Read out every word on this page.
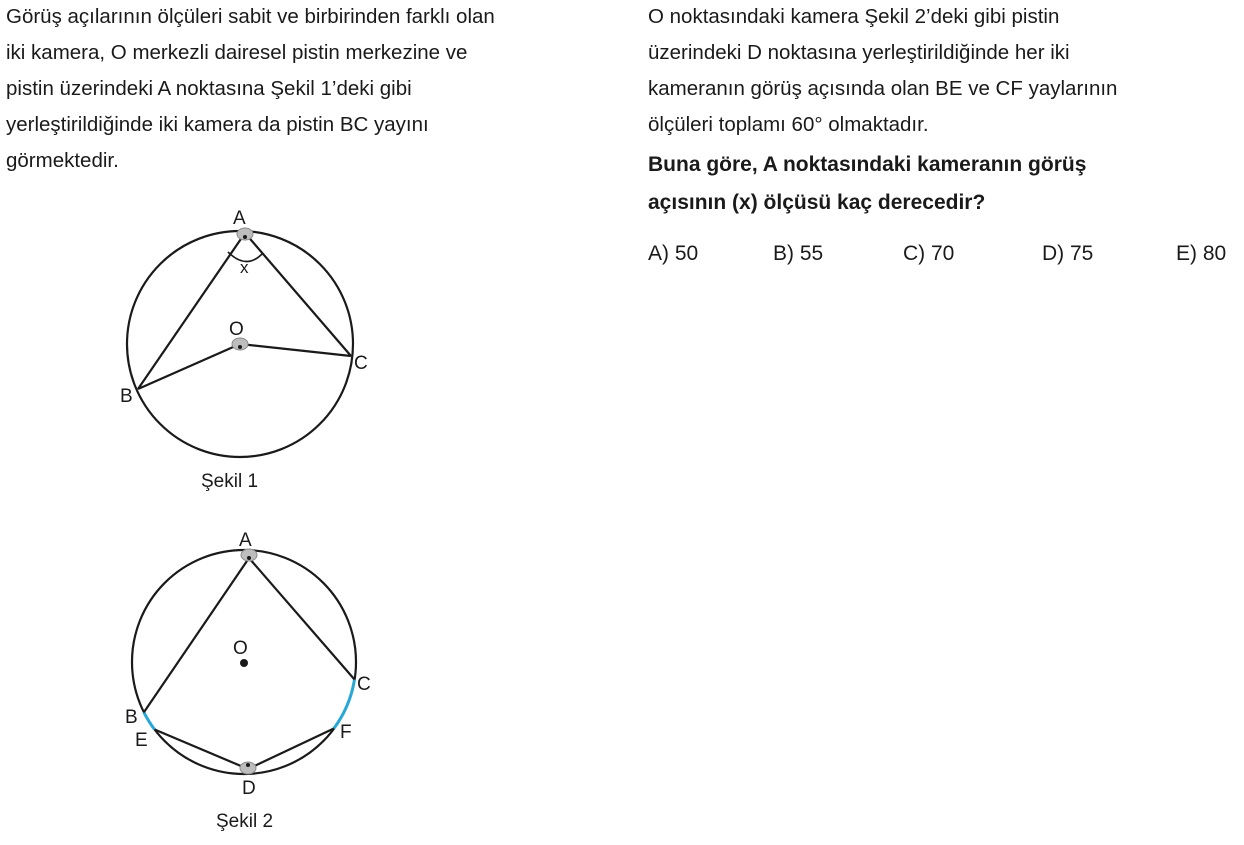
Görüş açılarının ölçüleri sabit ve birbirinden farklı olan
iki kamera, O merkezli dairesel pistin merkezine ve
pistin üzerindeki A noktasına Şekil 1’deki gibi
yerleştirildiğinde iki kamera da pistin BC yayını
görmektedir.
O noktasındaki kamera Şekil 2’deki gibi pistin
üzerindeki D noktasına yerleştirildiğinde her iki
kameranın görüş açısında olan BE ve CF yaylarının
ölçüleri toplamı 60° olmaktadır.
Buna göre, A noktasındaki kameranın görüş
açısının (x) ölçüsü kaç derecedir?
A) 50	B) 55	C) 70	D) 75	E) 80
A
x
O
B
C
Şekil 1
A
O
C
B
E	F
D
Şekil 2
